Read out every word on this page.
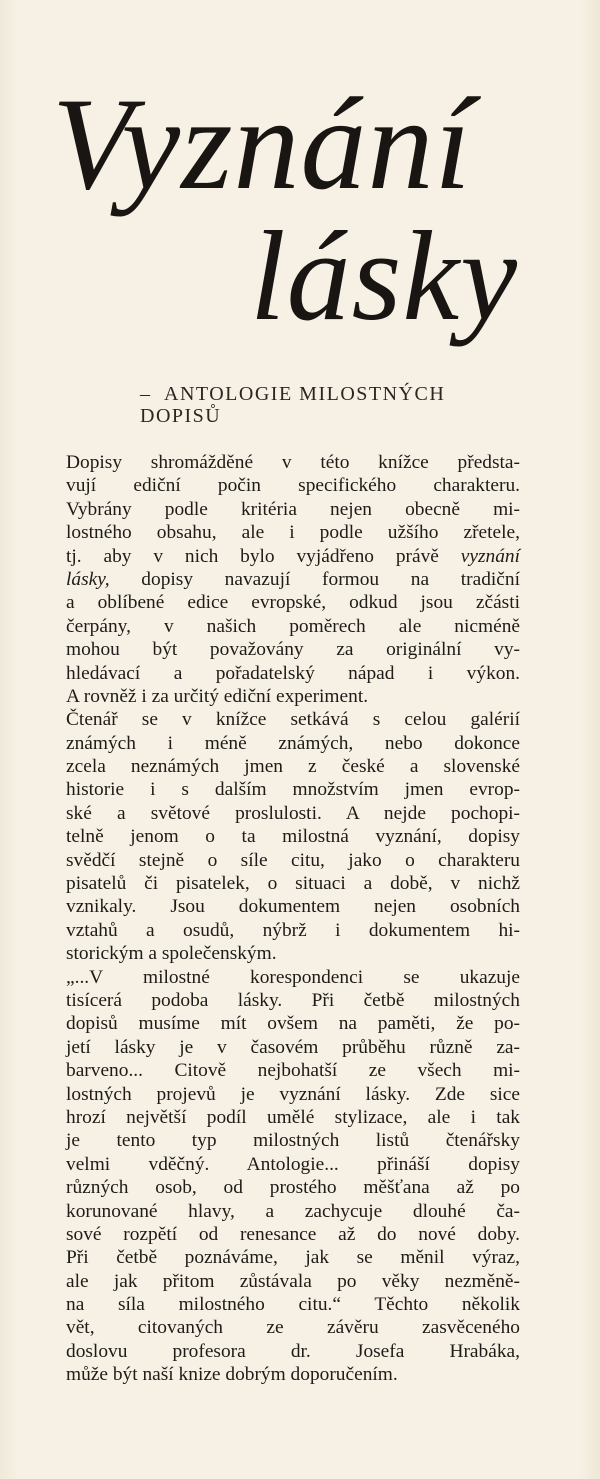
Vyznání
lásky
– ANTOLOGIE MILOSTNÝCH
DOPISŮ
Dopisy shromážděné v této knížce předsta-
vují ediční počin specifického charakteru.
Vybrány podle kritéria nejen obecně mi-
lostného obsahu, ale i podle užšího zřetele,
tj. aby v nich bylo vyjádřeno právě vyznání
lásky, dopisy navazují formou na tradiční
a oblíbené edice evropské, odkud jsou zčásti
čerpány, v našich poměrech ale nicméně
mohou být považovány za originální vy-
hledávací a pořadatelský nápad i výkon.
A rovněž i za určitý ediční experiment.
Čtenář se v knížce setkává s celou galérií
známých i méně známých, nebo dokonce
zcela neznámých jmen z české a slovenské
historie i s dalším množstvím jmen evrop-
ské a světové proslulosti. A nejde pochopi-
telně jenom o ta milostná vyznání, dopisy
svědčí stejně o síle citu, jako o charakteru
pisatelů či pisatelek, o situaci a době, v nichž
vznikaly. Jsou dokumentem nejen osobních
vztahů a osudů, nýbrž i dokumentem hi-
storickým a společenským.
„...V milostné korespondenci se ukazuje
tisícerá podoba lásky. Při četbě milostných
dopisů musíme mít ovšem na paměti, že po-
jetí lásky je v časovém průběhu různě za-
barveno... Citově nejbohatší ze všech mi-
lostných projevů je vyznání lásky. Zde sice
hrozí největší podíl umělé stylizace, ale i tak
je tento typ milostných listů čtenářsky
velmi vděčný. Antologie... přináší dopisy
různých osob, od prostého měšťana až po
korunované hlavy, a zachycuje dlouhé ča-
sové rozpětí od renesance až do nové doby.
Při četbě poznáváme, jak se měnil výraz,
ale jak přitom zůstávala po věky nezměně-
na síla milostného citu.“ Těchto několik
vět, citovaných ze závěru zasvěceného
doslovu profesora dr. Josefa Hrabáka,
může být naší knize dobrým doporučením.
